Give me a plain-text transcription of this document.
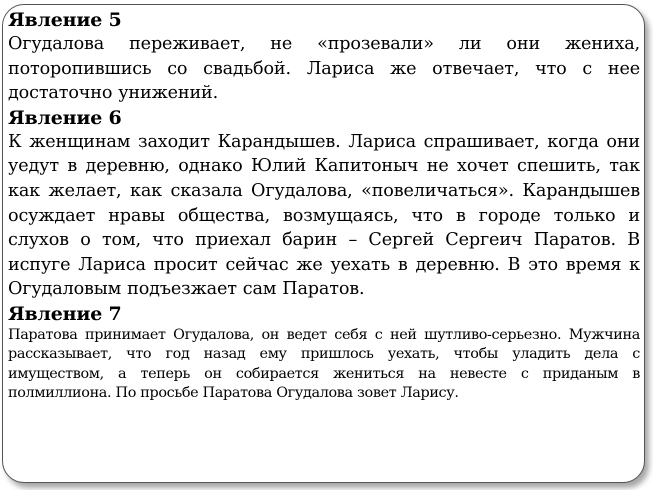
Явление 5

Огудалова переживает, не «прозевали» ли они жениха, поторопившись со свадьбой. Лариса же отвечает, что с нее достаточно унижений.

Явление 6

К женщинам заходит Карандышев. Лариса спрашивает, когда они уедут в деревню, однако Юлий Капитоныч не хочет спешить, так как желает, как сказала Огудалова, «повеличаться». Карандышев осуждает нравы общества, возмущаясь, что в городе только и слухов о том, что приехал барин – Сергей Сергеич Паратов. В испуге Лариса просит сейчас же уехать в деревню. В это время к Огудаловым подъезжает сам Паратов.

Явление 7

Паратова принимает Огудалова, он ведет себя с ней шутливо-серьезно. Мужчина рассказывает, что год назад ему пришлось уехать, чтобы уладить дела с имуществом, а теперь он собирается жениться на невесте с приданым в полмиллиона. По просьбе Паратова Огудалова зовет Ларису.
